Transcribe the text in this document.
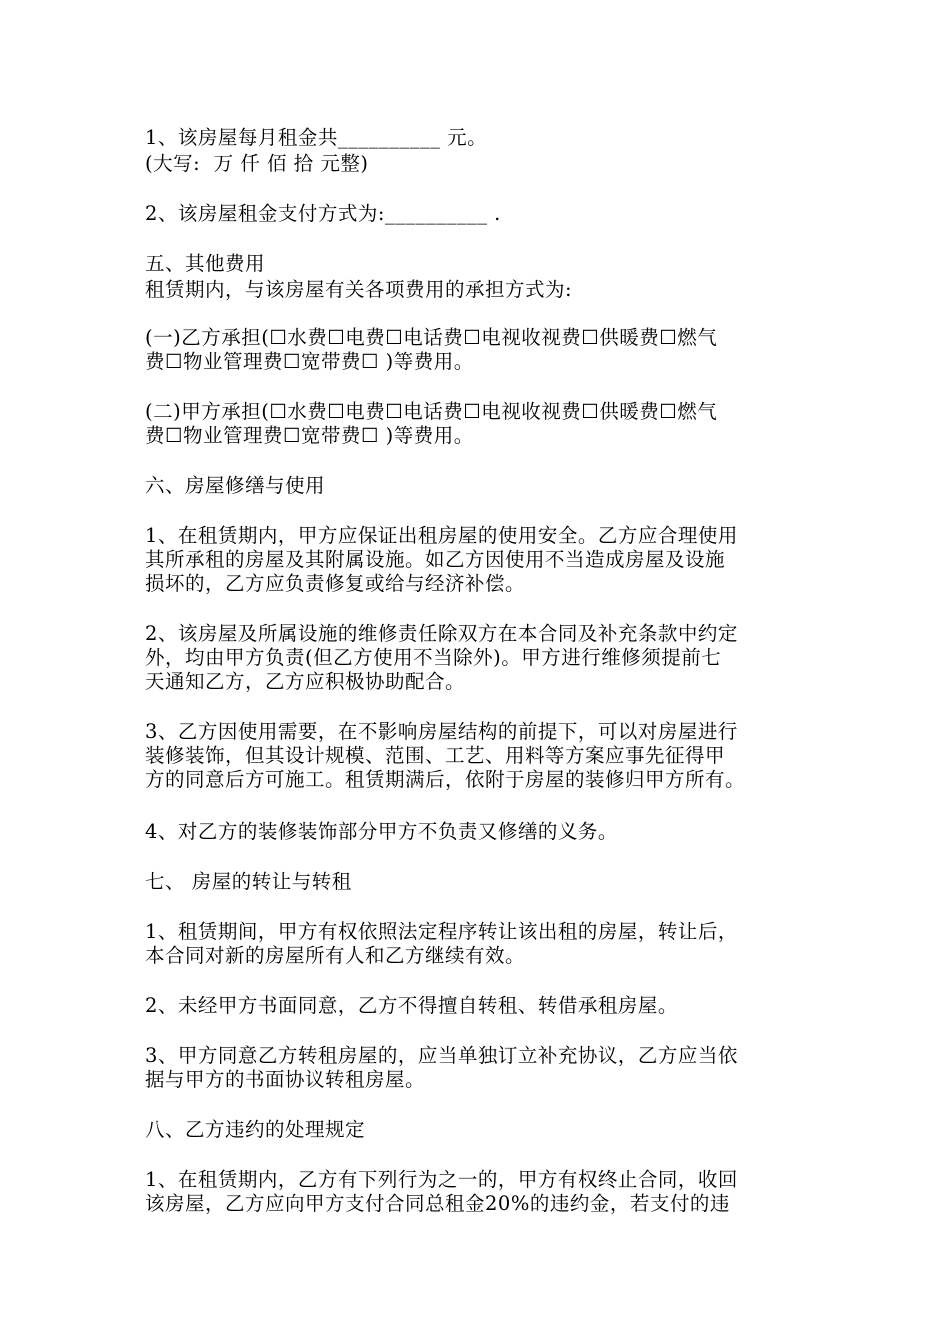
1、该房屋每月租金共__________ 元。
(大写:  万 仟 佰 拾 元整)
2、该房屋租金支付方式为:__________ .
五、其他费用
租赁期内，与该房屋有关各项费用的承担方式为:
(一)乙方承担(☐水费☐电费☐电话费☐电视收视费☐供暖费☐燃气
费☐物业管理费☐宽带费☐ )等费用。
(二)甲方承担(☐水费☐电费☐电话费☐电视收视费☐供暖费☐燃气
费☐物业管理费☐宽带费☐ )等费用。
六、房屋修缮与使用
1、在租赁期内，甲方应保证出租房屋的使用安全。乙方应合理使用
其所承租的房屋及其附属设施。如乙方因使用不当造成房屋及设施
损坏的，乙方应负责修复或给与经济补偿。
2、该房屋及所属设施的维修责任除双方在本合同及补充条款中约定
外，均由甲方负责(但乙方使用不当除外)。甲方进行维修须提前七
天通知乙方，乙方应积极协助配合。
3、乙方因使用需要，在不影响房屋结构的前提下，可以对房屋进行
装修装饰，但其设计规模、范围、工艺、用料等方案应事先征得甲
方的同意后方可施工。租赁期满后，依附于房屋的装修归甲方所有。
4、对乙方的装修装饰部分甲方不负责又修缮的义务。
七、 房屋的转让与转租
1、租赁期间，甲方有权依照法定程序转让该出租的房屋，转让后，
本合同对新的房屋所有人和乙方继续有效。
2、未经甲方书面同意，乙方不得擅自转租、转借承租房屋。
3、甲方同意乙方转租房屋的，应当单独订立补充协议，乙方应当依
据与甲方的书面协议转租房屋。
八、乙方违约的处理规定
1、在租赁期内，乙方有下列行为之一的，甲方有权终止合同，收回
该房屋，乙方应向甲方支付合同总租金20%的违约金，若支付的违
